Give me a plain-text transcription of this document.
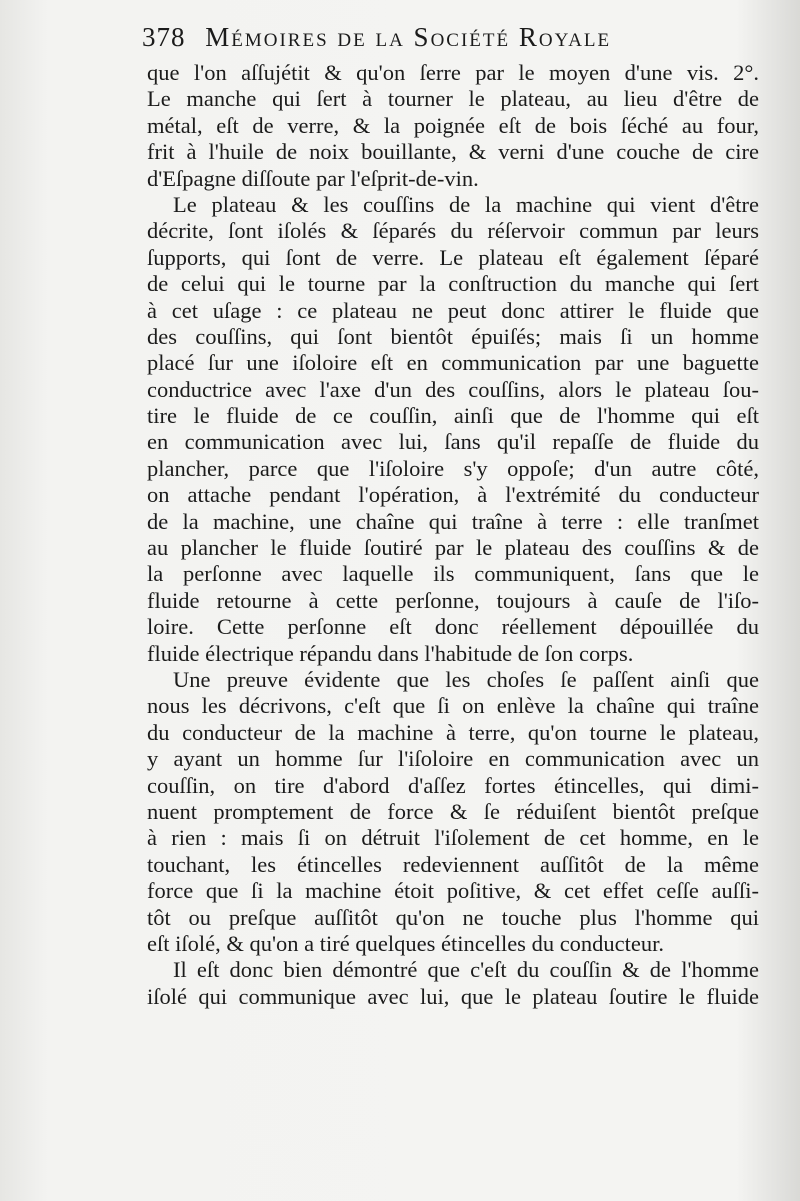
378 Mémoires de la Société Royale
que l'on aſſujétit & qu'on ſerre par le moyen d'une vis. 2°.
Le manche qui ſert à tourner le plateau, au lieu d'être de
métal, eſt de verre, & la poignée eſt de bois ſéché au four,
frit à l'huile de noix bouillante, & verni d'une couche de cire
d'Eſpagne diſſoute par l'eſprit-de-vin.
Le plateau & les couſſins de la machine qui vient d'être
décrite, ſont iſolés & ſéparés du réſervoir commun par leurs
ſupports, qui ſont de verre. Le plateau eſt également ſéparé
de celui qui le tourne par la conſtruction du manche qui ſert
à cet uſage : ce plateau ne peut donc attirer le fluide que
des couſſins, qui ſont bientôt épuiſés; mais ſi un homme
placé ſur une iſoloire eſt en communication par une baguette
conductrice avec l'axe d'un des couſſins, alors le plateau ſou-
tire le fluide de ce couſſin, ainſi que de l'homme qui eſt
en communication avec lui, ſans qu'il repaſſe de fluide du
plancher, parce que l'iſoloire s'y oppoſe; d'un autre côté,
on attache pendant l'opération, à l'extrémité du conducteur
de la machine, une chaîne qui traîne à terre : elle tranſmet
au plancher le fluide ſoutiré par le plateau des couſſins & de
la perſonne avec laquelle ils communiquent, ſans que le
fluide retourne à cette perſonne, toujours à cauſe de l'iſo-
loire. Cette perſonne eſt donc réellement dépouillée du
fluide électrique répandu dans l'habitude de ſon corps.
Une preuve évidente que les choſes ſe paſſent ainſi que
nous les décrivons, c'eſt que ſi on enlève la chaîne qui traîne
du conducteur de la machine à terre, qu'on tourne le plateau,
y ayant un homme ſur l'iſoloire en communication avec un
couſſin, on tire d'abord d'aſſez fortes étincelles, qui dimi-
nuent promptement de force & ſe réduiſent bientôt preſque
à rien : mais ſi on détruit l'iſolement de cet homme, en le
touchant, les étincelles redeviennent auſſitôt de la même
force que ſi la machine étoit poſitive, & cet effet ceſſe auſſi-
tôt ou preſque auſſitôt qu'on ne touche plus l'homme qui
eſt iſolé, & qu'on a tiré quelques étincelles du conducteur.
Il eſt donc bien démontré que c'eſt du couſſin & de l'homme
iſolé qui communique avec lui, que le plateau ſoutire le fluide
